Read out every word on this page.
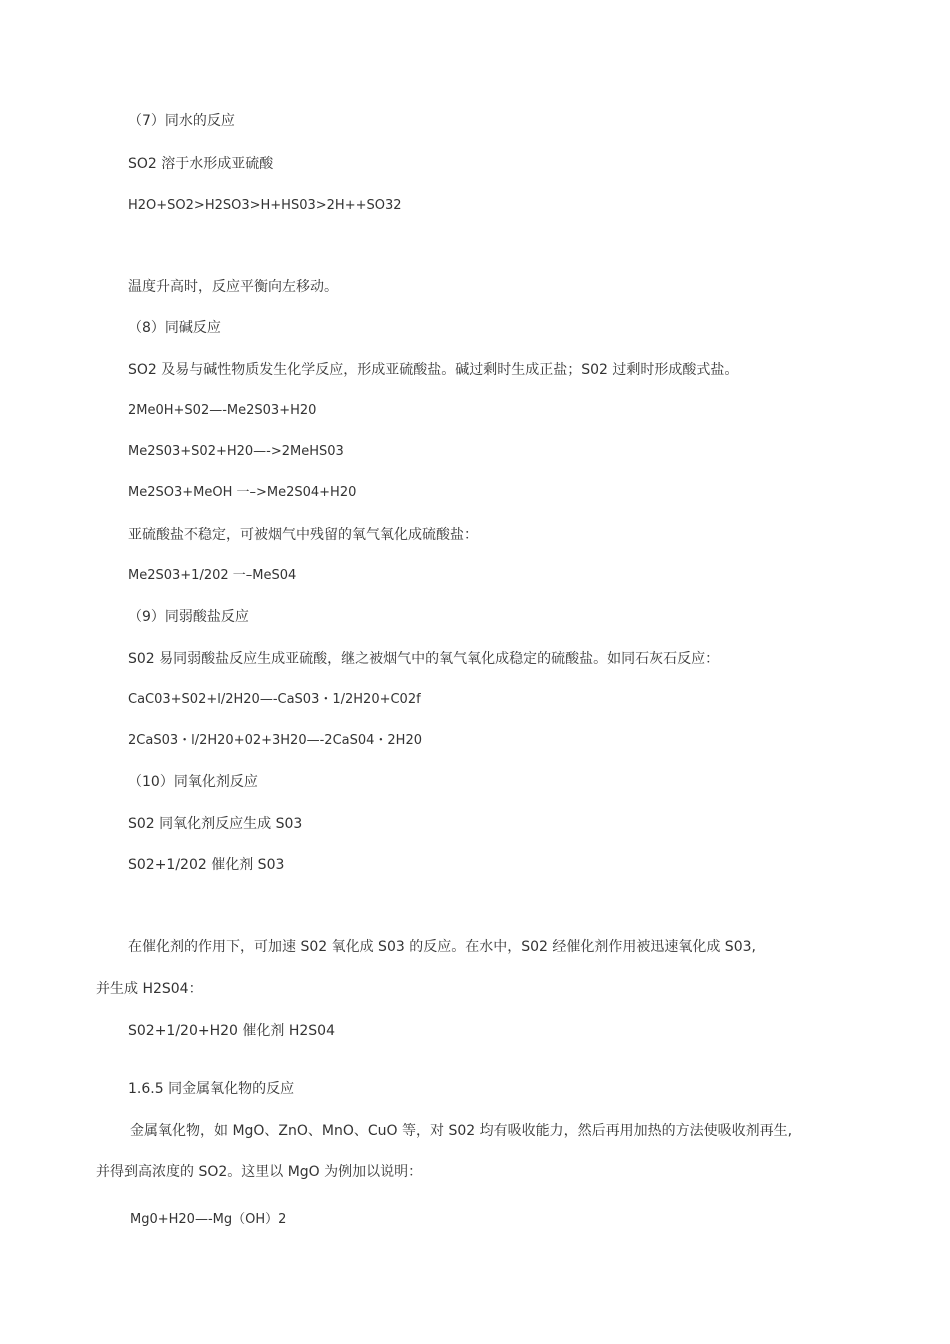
（7）同水的反应
SO2 溶于水形成亚硫酸
H2O+SO2>H2SO3>H+HS03>2H++SO32
温度升高时，反应平衡向左移动。
（8）同碱反应
SO2 及易与碱性物质发生化学反应，形成亚硫酸盐。碱过剩时生成正盐；S02 过剩时形成酸式盐。
2Me0H+S02—-Me2S03+H20
Me2S03+S02+H20—->2MeHS03
Me2SO3+MeOH 一–>Me2S04+H20
亚硫酸盐不稳定，可被烟气中残留的氧气氧化成硫酸盐：
Me2S03+1/202 一–MeS04
（9）同弱酸盐反应
S02 易同弱酸盐反应生成亚硫酸，继之被烟气中的氧气氧化成稳定的硫酸盐。如同石灰石反应：
CaC03+S02+l/2H20—-CaS03・1/2H20+C02f
2CaS03・l/2H20+02+3H20—-2CaS04・2H20
（10）同氧化剂反应
S02 同氧化剂反应生成 S03
S02+1/202 催化剂 S03
在催化剂的作用下，可加速 S02 氧化成 S03 的反应。在水中，S02 经催化剂作用被迅速氧化成 S03,
并生成 H2S04：
S02+1/20+H20 催化剂 H2S04
1.6.5 同金属氧化物的反应
金属氧化物，如 MgO、ZnO、MnO、CuO 等，对 S02 均有吸收能力，然后再用加热的方法使吸收剂再生,
并得到高浓度的 SO2。这里以 MgO 为例加以说明：
Mg0+H20—-Mg（OH）2
